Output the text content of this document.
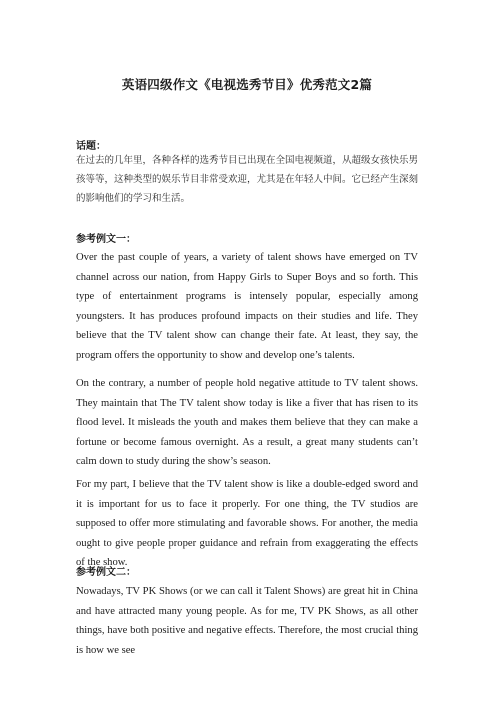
英语四级作文《电视选秀节目》优秀范文2篇

话题：

在过去的几年里，各种各样的选秀节目已出现在全国电视频道，从超级女孩快乐男孩等等，这种类型的娱乐节目非常受欢迎，尤其是在年轻人中间。它已经产生深刻的影响他们的学习和生活。

参考例文一：

Over the past couple of years, a variety of talent shows have emerged on TV channel across our nation, from Happy Girls to Super Boys and so forth. This type of entertainment programs is intensely popular, especially among youngsters. It has produces profound impacts on their studies and life. They believe that the TV talent show can change their fate. At least, they say, the program offers the opportunity to show and develop one’s talents.

On the contrary, a number of people hold negative attitude to TV talent shows. They maintain that The TV talent show today is like a fiver that has risen to its flood level. It misleads the youth and makes them believe that they can make a fortune or become famous overnight. As a result, a great many students can’t calm down to study during the show’s season.

For my part, I believe that the TV talent show is like a double-edged sword and it is important for us to face it properly. For one thing, the TV studios are supposed to offer more stimulating and favorable shows. For another, the media ought to give people proper guidance and refrain from exaggerating the effects of the show.

参考例文二：

Nowadays, TV PK Shows (or we can call it Talent Shows) are great hit in China and have attracted many young people. As for me, TV PK Shows, as all other things, have both positive and negative effects. Therefore, the most crucial thing is how we see
